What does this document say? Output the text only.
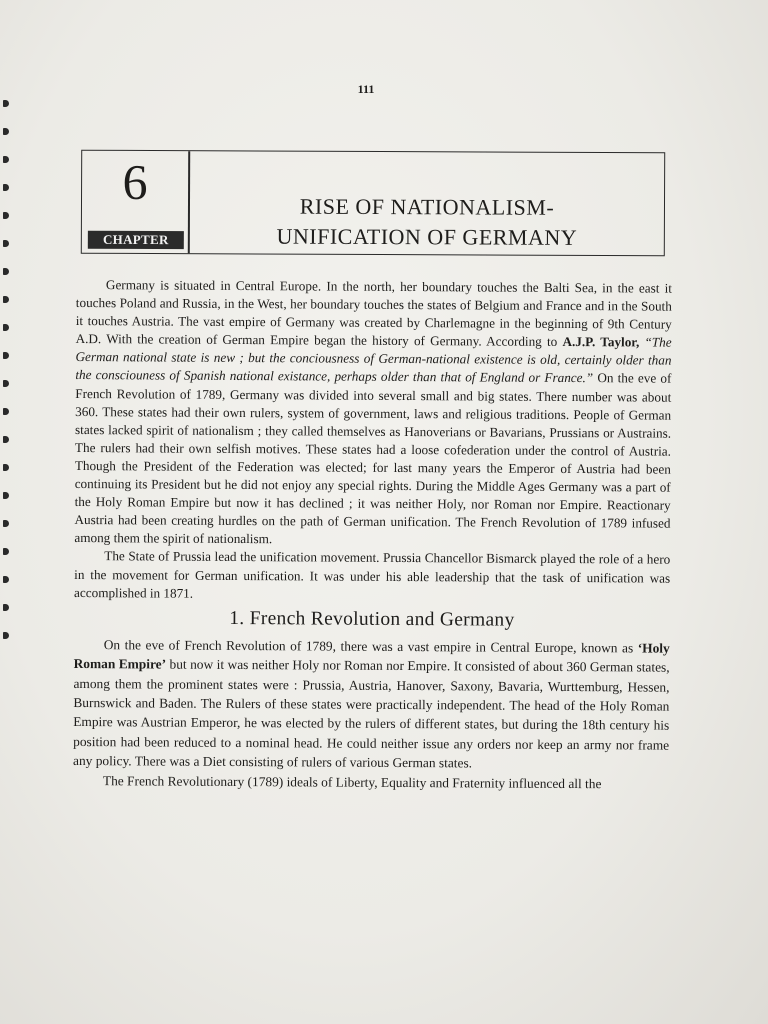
111
6
CHAPTER
RISE OF NATIONALISM-
UNIFICATION OF GERMANY

Germany is situated in Central Europe. In the north, her boundary touches the Balti Sea, in the east it touches Poland and Russia, in the West, her boundary touches the states of Belgium and France and in the South it touches Austria. The vast empire of Germany was created by Charlemagne in the beginning of 9th Century A.D. With the creation of German Empire began the history of Germany. According to A.J.P. Taylor, “The German national state is new ; but the conciousness of German-national existence is old, certainly older than the consciouness of Spanish national existance, perhaps older than that of England or France.” On the eve of French Revolution of 1789, Germany was divided into several small and big states. There number was about 360. These states had their own rulers, system of government, laws and religious traditions. People of German states lacked spirit of nationalism ; they called themselves as Hanoverians or Bavarians, Prussians or Austrains. The rulers had their own selfish motives. These states had a loose cofederation under the control of Austria. Though the President of the Federation was elected; for last many years the Emperor of Austria had been continuing its President but he did not enjoy any special rights. During the Middle Ages Germany was a part of the Holy Roman Empire but now it has declined ; it was neither Holy, nor Roman nor Empire. Reactionary Austria had been creating hurdles on the path of German unification. The French Revolution of 1789 infused among them the spirit of nationalism.

The State of Prussia lead the unification movement. Prussia Chancellor Bismarck played the role of a hero in the movement for German unification. It was under his able leadership that the task of unification was accomplished in 1871.

1. French Revolution and Germany

On the eve of French Revolution of 1789, there was a vast empire in Central Europe, known as ‘Holy Roman Empire’ but now it was neither Holy nor Roman nor Empire. It consisted of about 360 German states, among them the prominent states were : Prussia, Austria, Hanover, Saxony, Bavaria, Wurttemburg, Hessen, Burnswick and Baden. The Rulers of these states were practically independent. The head of the Holy Roman Empire was Austrian Emperor, he was elected by the rulers of different states, but during the 18th century his position had been reduced to a nominal head. He could neither issue any orders nor keep an army nor frame any policy. There was a Diet consisting of rulers of various German states.

The French Revolutionary (1789) ideals of Liberty, Equality and Fraternity influenced all the
